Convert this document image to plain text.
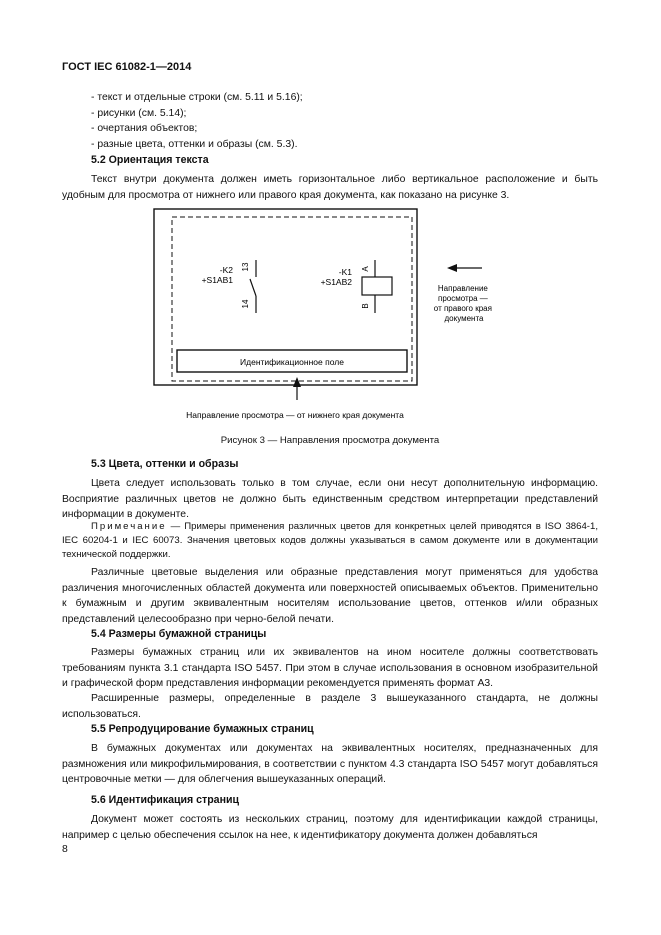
ГОСТ IEC 61082-1—2014
- текст и отдельные строки (см. 5.11 и 5.16);
- рисунки (см. 5.14);
- очертания объектов;
- разные цвета, оттенки и образы (см. 5.3).
5.2 Ориентация текста

Текст внутри документа должен иметь горизонтальное либо вертикальное расположение и быть удобным для просмотра от нижнего или правого края документа, как показано на рисунке 3.

Идентификационное поле
-K2
+S1AB1
13
14
-K1
+S1AB2
A
B
Направление просмотра — от правого края документа
Направление просмотра — от нижнего края документа
Рисунок 3 — Направления просмотра документа
5.3 Цвета, оттенки и образы

Цвета следует использовать только в том случае, если они несут дополнительную информацию. Восприятие различных цветов не должно быть единственным средством интерпретации представлений информации в документе.

Примечание — Примеры применения различных цветов для конкретных целей приводятся в ISO 3864-1, IEC 60204-1 и IEC 60073. Значения цветовых кодов должны указываться в самом документе или в документации технической поддержки.

Различные цветовые выделения или образные представления могут применяться для удобства различения многочисленных областей документа или поверхностей описываемых объектов. Применительно к бумажным и другим эквивалентным носителям использование цветов, оттенков и/или образных представлений целесообразно при черно-белой печати.

5.4 Размеры бумажной страницы

Размеры бумажных страниц или их эквивалентов на ином носителе должны соответствовать требованиям пункта 3.1 стандарта ISO 5457. При этом в случае использования в основном изобразительной и графической форм представления информации рекомендуется применять формат А3.

Расширенные размеры, определенные в разделе 3 вышеуказанного стандарта, не должны использоваться.

5.5 Репродуцирование бумажных страниц

В бумажных документах или документах на эквивалентных носителях, предназначенных для размножения или микрофильмирования, в соответствии с пунктом 4.3 стандарта ISO 5457 могут добавляться центровочные метки — для облегчения вышеуказанных операций.

5.6 Идентификация страниц

Документ может состоять из нескольких страниц, поэтому для идентификации каждой страницы, например с целью обеспечения ссылок на нее, к идентификатору документа должен добавляться

8
